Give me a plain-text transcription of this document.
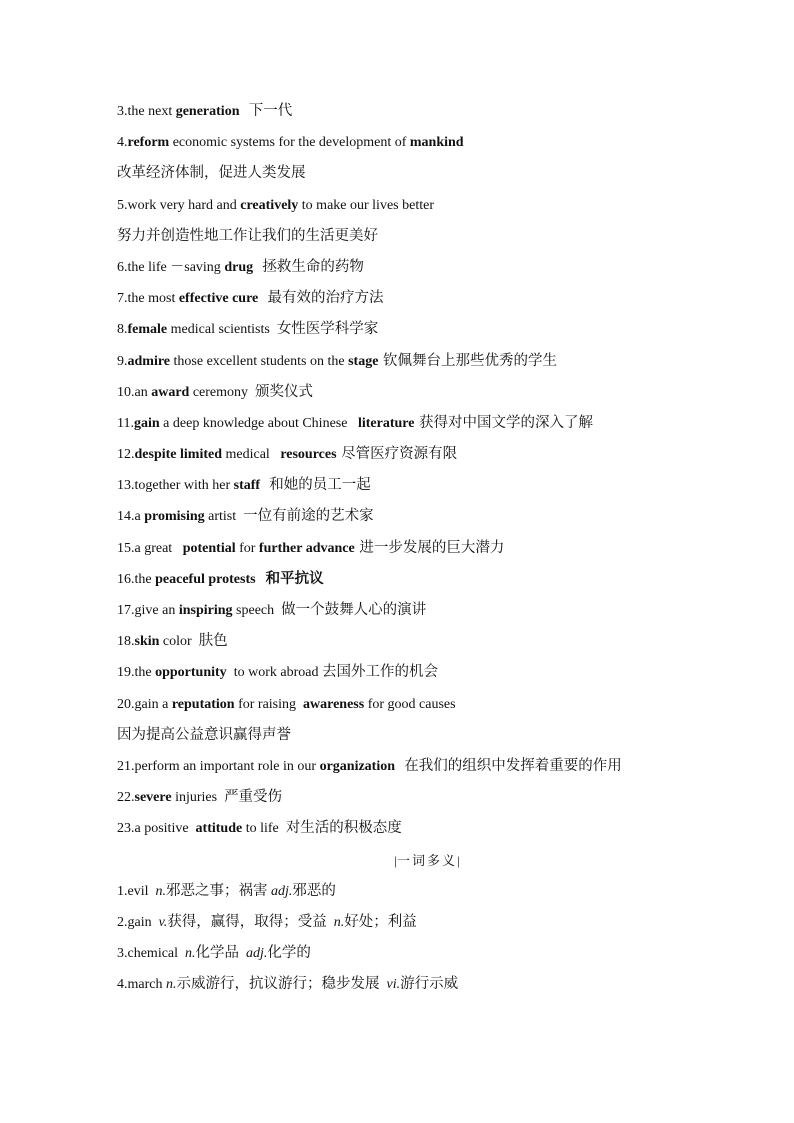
3.the next generation  下一代
4.reform economic systems for the development of mankind
改革经济体制，促进人类发展
5.work very hard and creatively to make our lives better
努力并创造性地工作让我们的生活更美好
6.the life －saving drug  拯救生命的药物
7.the most effective cure  最有效的治疗方法
8.female medical scientists  女性医学科学家
9.admire those excellent students on the stage 钦佩舞台上那些优秀的学生
10.an award ceremony  颁奖仪式
11.gain a deep knowledge about Chinese   literature 获得对中国文学的深入了解
12.despite limited medical   resources 尽管医疗资源有限
13.together with her staff  和她的员工一起
14.a promising artist  一位有前途的艺术家
15.a great   potential for further advance 进一步发展的巨大潜力
16.the peaceful protests  和平抗议
17.give an inspiring speech  做一个鼓舞人心的演讲
18.skin color  肤色
19.the opportunity  to work abroad 去国外工作的机会
20.gain a reputation for raising  awareness for good causes
因为提高公益意识赢得声誉
21.perform an important role in our organization  在我们的组织中发挥着重要的作用
22.severe injuries  严重受伤
23.a positive  attitude to life  对生活的积极态度
|一词多义|
1.evil  n.邪恶之事；祸害 adj.邪恶的
2.gain  v.获得，赢得，取得；受益 n.好处；利益
3.chemical  n.化学品 adj.化学的
4.march n.示威游行，抗议游行；稳步发展 vi.游行示威
